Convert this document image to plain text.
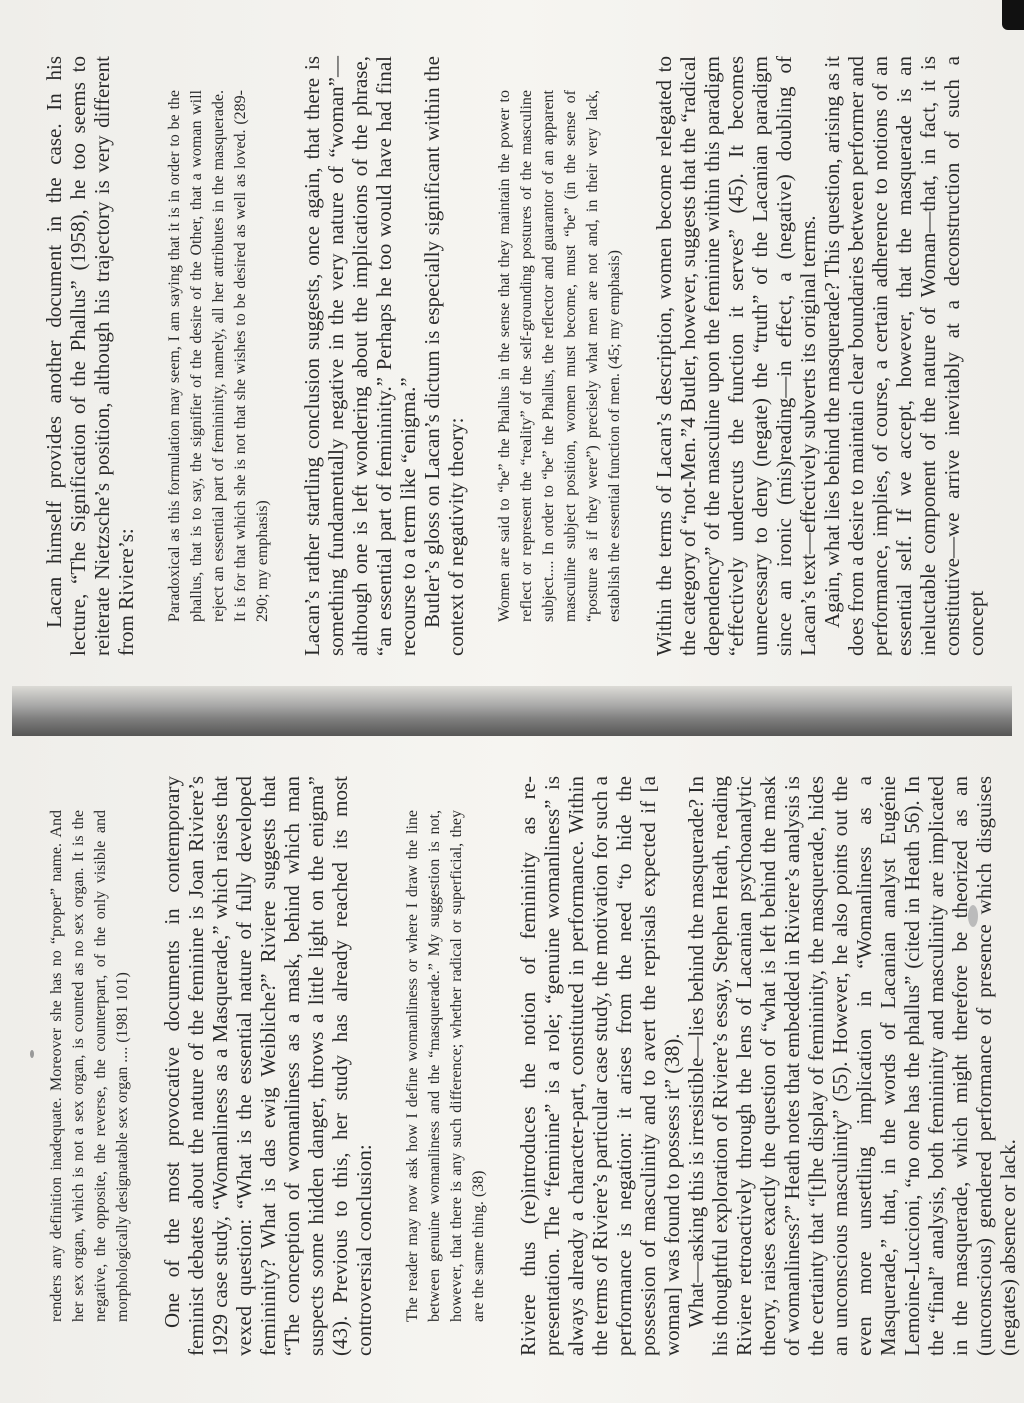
renders any definition inadequate. Moreover she has no “proper” name. And her sex organ, which is not a sex organ, is counted as no sex organ. It is the negative, the opposite, the reverse, the counterpart, of the only visible and morphologically designatable sex organ .... (1981 101) One of the most provocative documents in contemporary feminist debates about the nature of the feminine is Joan Riviere’s 1929 case study, “Womanliness as a Masquerade,” which raises that vexed question: “What is the essential nature of fully developed femininity? What is das ewig Weibliche?” Riviere suggests that “The conception of womanliness as a mask, behind which man suspects some hidden danger, throws a little light on the enigma” (43). Previous to this, her study has already reached its most controversial conclusion: The reader may now ask how I define womanliness or where I draw the line between genuine womanliness and the “masquerade.” My suggestion is not, however, that there is any such difference; whether radical or superficial, they are the same thing. (38) Riviere thus (re)introduces the notion of femininity as re-presentation. The “feminine” is a role; “genuine womanliness” is always already a character-part, constituted in performance. Within the terms of Riviere’s particular case study, the motivation for such a performance is negation: it arises from the need “to hide the possession of masculinity and to avert the reprisals expected if [a woman] was found to possess it” (38). What—asking this is irresistible—lies behind the masquerade? In his thoughtful exploration of Riviere’s essay, Stephen Heath, reading Riviere retroactively through the lens of Lacanian psychoanalytic theory, raises exactly the question of “what is left behind the mask of womanliness?” Heath notes that embedded in Riviere’s analysis is the certainty that “[t]he display of femininity, the masquerade, hides an unconscious masculinity” (55). However, he also points out the even more unsettling implication in “Womanliness as a Masquerade,” that, in the words of Lacanian analyst Eugénie Lemoine-Luccioni, “no one has the phallus” (cited in Heath 56). In the “final” analysis, both femininity and masculinity are implicated in the masquerade, which might therefore be theorized as an (unconscious) gendered performance of presence which disguises (negates) absence or lack.

Lacan himself provides another document in the case. In his lecture, “The Signification of the Phallus” (1958), he too seems to reiterate Nietzsche’s position, although his trajectory is very different from Riviere’s: Paradoxical as this formulation may seem, I am saying that it is in order to be the phallus, that is to say, the signifier of the desire of the Other, that a woman will reject an essential part of femininity, namely, all her attributes in the masquerade. It is for that which she is not that she wishes to be desired as well as loved. (289-290; my emphasis) Lacan’s rather startling conclusion suggests, once again, that there is something fundamentally negative in the very nature of “woman”—although one is left wondering about the implications of the phrase, “an essential part of femininity.” Perhaps he too would have had final recourse to a term like “enigma.” Butler’s gloss on Lacan’s dictum is especially significant within the context of negativity theory: Women are said to “be” the Phallus in the sense that they maintain the power to reflect or represent the “reality” of the self-grounding postures of the masculine subject.... In order to “be” the Phallus, the reflector and guarantor of an apparent masculine subject position, women must become, must “be” (in the sense of “posture as if they were”) precisely what men are not and, in their very lack, establish the essential function of men. (45; my emphasis) Within the terms of Lacan’s description, women become relegated to the category of “not-Men.”4 Butler, however, suggests that the “radical dependency” of the masculine upon the feminine within this paradigm “effectively undercuts the function it serves” (45). It becomes unnecessary to deny (negate) the “truth” of the Lacanian paradigm since an ironic (mis)reading—in effect, a (negative) doubling of Lacan’s text—effectively subverts its original terms. Again, what lies behind the masquerade? This question, arising as it does from a desire to maintain clear boundaries between performer and performance, implies, of course, a certain adherence to notions of an essential self. If we accept, however, that the masquerade is an ineluctable component of the nature of Woman—that, in fact, it is constitutive—we arrive inevitably at a deconstruction of such a concept
